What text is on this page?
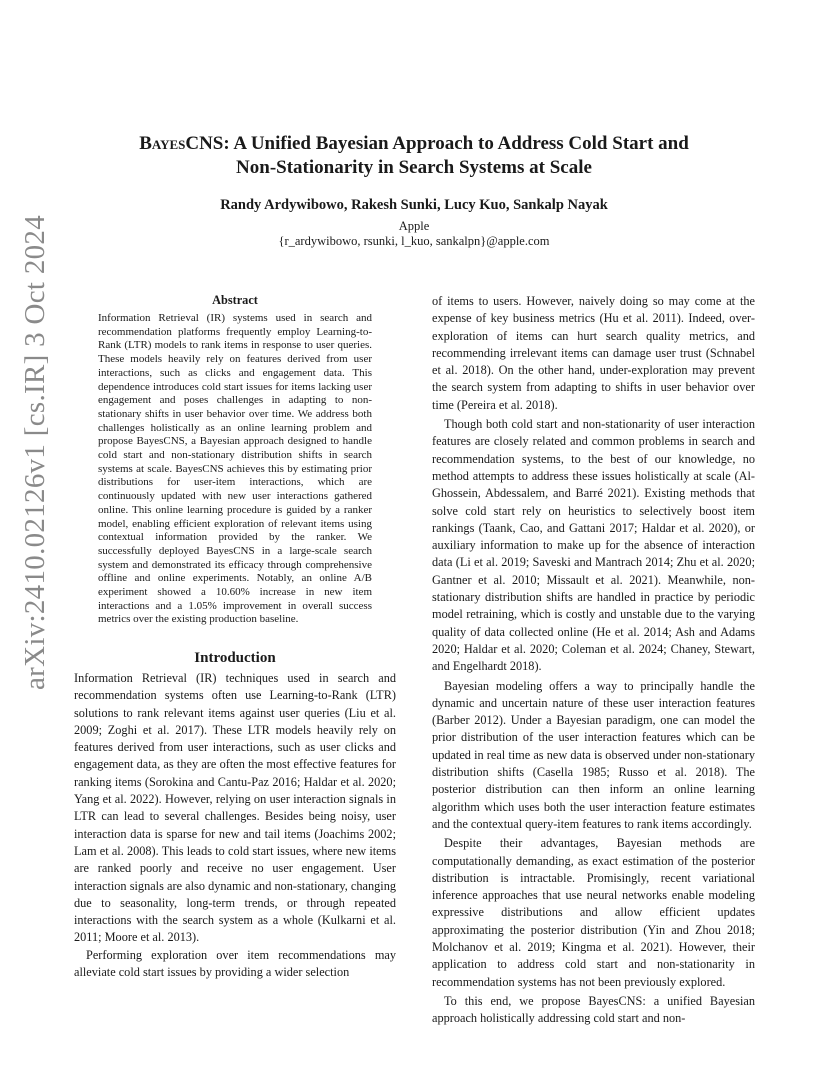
arXiv:2410.02126v1 [cs.IR] 3 Oct 2024
BayesCNS: A Unified Bayesian Approach to Address Cold Start and
Non-Stationarity in Search Systems at Scale
Randy Ardywibowo, Rakesh Sunki, Lucy Kuo, Sankalp Nayak
Apple
{r_ardywibowo, rsunki, l_kuo, sankalpn}@apple.com
Abstract
Information Retrieval (IR) systems used in search and recommendation platforms frequently employ Learning-to-Rank (LTR) models to rank items in response to user queries. These models heavily rely on features derived from user interactions, such as clicks and engagement data. This dependence introduces cold start issues for items lacking user engagement and poses challenges in adapting to non-stationary shifts in user behavior over time. We address both challenges holistically as an online learning problem and propose BayesCNS, a Bayesian approach designed to handle cold start and non-stationary distribution shifts in search systems at scale. BayesCNS achieves this by estimating prior distributions for user-item interactions, which are continuously updated with new user interactions gathered online. This online learning procedure is guided by a ranker model, enabling efficient exploration of relevant items using contextual information provided by the ranker. We successfully deployed BayesCNS in a large-scale search system and demonstrated its efficacy through comprehensive offline and online experiments. Notably, an online A/B experiment showed a 10.60% increase in new item interactions and a 1.05% improvement in overall success metrics over the existing production baseline.
Introduction

Information Retrieval (IR) techniques used in search and recommendation systems often use Learning-to-Rank (LTR) solutions to rank relevant items against user queries (Liu et al. 2009; Zoghi et al. 2017). These LTR models heavily rely on features derived from user interactions, such as user clicks and engagement data, as they are often the most effective features for ranking items (Sorokina and Cantu-Paz 2016; Haldar et al. 2020; Yang et al. 2022). However, relying on user interaction signals in LTR can lead to several challenges. Besides being noisy, user interaction data is sparse for new and tail items (Joachims 2002; Lam et al. 2008). This leads to cold start issues, where new items are ranked poorly and receive no user engagement. User interaction signals are also dynamic and non-stationary, changing due to seasonality, long-term trends, or through repeated interactions with the search system as a whole (Kulkarni et al. 2011; Moore et al. 2013).

Performing exploration over item recommendations may alleviate cold start issues by providing a wider selection

of items to users. However, naively doing so may come at the expense of key business metrics (Hu et al. 2011). Indeed, over-exploration of items can hurt search quality metrics, and recommending irrelevant items can damage user trust (Schnabel et al. 2018). On the other hand, under-exploration may prevent the search system from adapting to shifts in user behavior over time (Pereira et al. 2018).

Though both cold start and non-stationarity of user interaction features are closely related and common problems in search and recommendation systems, to the best of our knowledge, no method attempts to address these issues holistically at scale (Al-Ghossein, Abdessalem, and Barré 2021). Existing methods that solve cold start rely on heuristics to selectively boost item rankings (Taank, Cao, and Gattani 2017; Haldar et al. 2020), or auxiliary information to make up for the absence of interaction data (Li et al. 2019; Saveski and Mantrach 2014; Zhu et al. 2020; Gantner et al. 2010; Missault et al. 2021). Meanwhile, non-stationary distribution shifts are handled in practice by periodic model retraining, which is costly and unstable due to the varying quality of data collected online (He et al. 2014; Ash and Adams 2020; Haldar et al. 2020; Coleman et al. 2024; Chaney, Stewart, and Engelhardt 2018).

Bayesian modeling offers a way to principally handle the dynamic and uncertain nature of these user interaction features (Barber 2012). Under a Bayesian paradigm, one can model the prior distribution of the user interaction features which can be updated in real time as new data is observed under non-stationary distribution shifts (Casella 1985; Russo et al. 2018). The posterior distribution can then inform an online learning algorithm which uses both the user interaction feature estimates and the contextual query-item features to rank items accordingly.

Despite their advantages, Bayesian methods are computationally demanding, as exact estimation of the posterior distribution is intractable. Promisingly, recent variational inference approaches that use neural networks enable modeling expressive distributions and allow efficient updates approximating the posterior distribution (Yin and Zhou 2018; Molchanov et al. 2019; Kingma et al. 2021). However, their application to address cold start and non-stationarity in recommendation systems has not been previously explored.

To this end, we propose BayesCNS: a unified Bayesian approach holistically addressing cold start and non-
